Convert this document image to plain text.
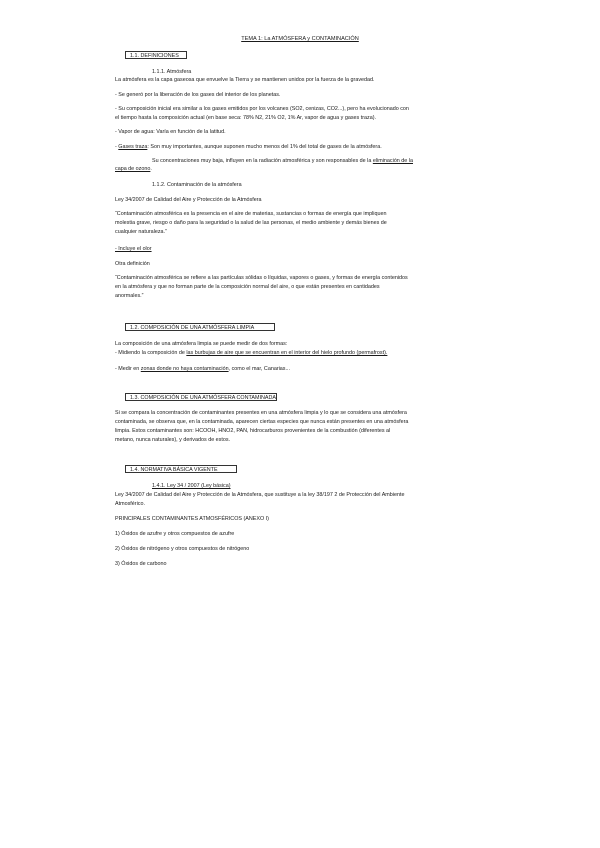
TEMA 1: La ATMÓSFERA y CONTAMINACIÓN
1.1. DEFINICIONES
1.1.1. Atmósfera
La atmósfera es la capa gaseosa que envuelve la Tierra y se mantienen unidos por la fuerza de la gravedad.
- Se generó por la liberación de los gases del interior de los planetas.
- Su composición inicial era similar a los gases emitidos por los volcanes (SO2, cenizas, CO2...), pero ha evolucionado con
el tiempo hasta la composición actual (en base seca: 78% N2, 21% O2, 1% Ar, vapor de agua y gases traza).
- Vapor de agua: Varía en función de la latitud.
- Gases traza: Son muy importantes, aunque suponen mucho menos del 1% del total de gases de la atmósfera.
Su concentraciones muy baja, influyen en la radiación atmosférica y son responsables de la eliminación de la
capa de ozono.
1.1.2. Contaminación de la atmósfera
Ley 34/2007 de Calidad del Aire y Protección de la Atmósfera
“Contaminación atmosférica es la presencia en el aire de materias, sustancias o formas de energía que impliquen
molestia grave, riesgo o daño para la seguridad o la salud de las personas, el medio ambiente y demás bienes de
cualquier naturaleza.”
- Incluye el olor
Otra definición
“Contaminación atmosférica se refiere a las partículas sólidas o líquidas, vapores o gases, y formas de energía contenidos
en la atmósfera y que no forman parte de la composición normal del aire, o que están presentes en cantidades
anormales.”
1.2. COMPOSICIÓN DE UNA ATMÓSFERA LIMPIA
La composición de una atmósfera limpia se puede medir de dos formas:
- Midiendo la composición de las burbujas de aire que se encuentran en el interior del hielo profundo (permafrost).
- Medir en zonas donde no haya contaminación, como el mar, Canarias...
1.3. COMPOSICIÓN DE UNA ATMÓSFERA CONTAMINADA
Si se compara la concentración de contaminantes presentes en una atmósfera limpia y lo que se considera una atmósfera
contaminada, se observa que, en la contaminada, aparecen ciertas especies que nunca están presentes en una atmósfera
limpia. Estos contaminantes son: HCOOH, HNO2, PAN, hidrocarburos provenientes de la combustión (diferentes al
metano, nunca naturales), y derivados de estos.
1.4. NORMATIVA BÁSICA VIGENTE
1.4.1. Ley 34 / 2007 (Ley básica)
Ley 34/2007 de Calidad del Aire y Protección de la Atmósfera, que sustituye a la ley 38/197 2 de Protección del Ambiente
Atmosférico.
PRINCIPALES CONTAMINANTES ATMOSFÉRICOS (ANEXO I)
1) Óxidos de azufre y otros compuestos de azufre
2) Óxidos de nitrógeno y otros compuestos de nitrógeno
3) Óxidos de carbono
